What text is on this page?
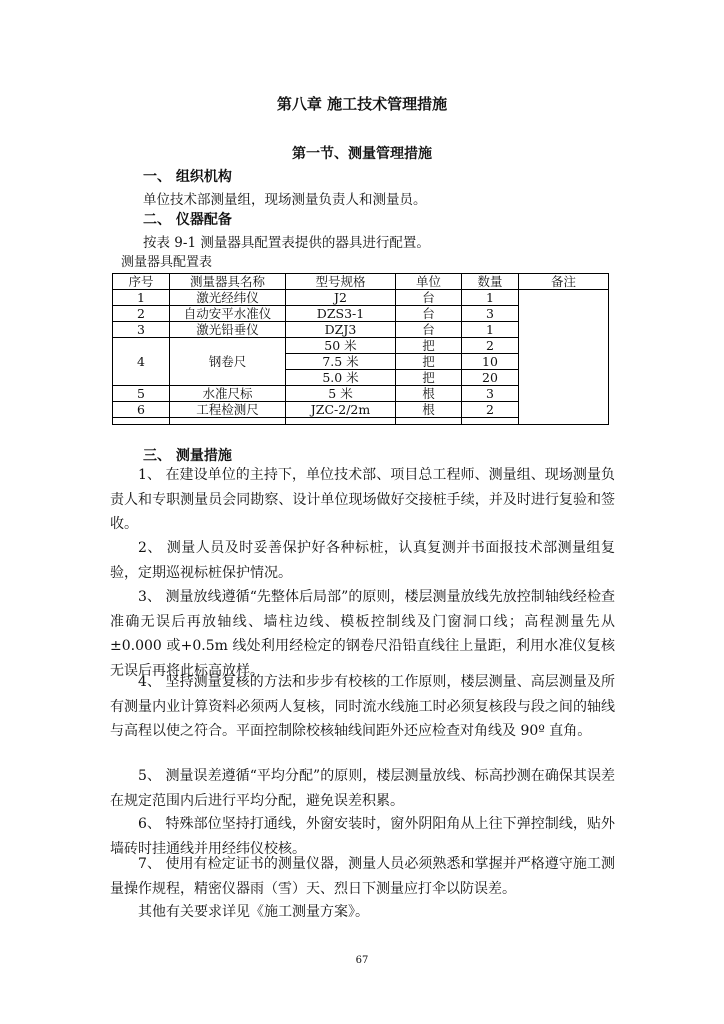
第八章 施工技术管理措施
第一节、测量管理措施
一、 组织机构
单位技术部测量组，现场测量负责人和测量员。
二、 仪器配备
按表 9-1 测量器具配置表提供的器具进行配置。
测量器具配置表
序号	测量器具名称	型号规格	单位	数量	备注
1	激光经纬仪	J2	台	1	
2	自动安平水准仪	DZS3-1	台	3	
3	激光铅垂仪	DZJ3	台	1	
4	钢卷尺	50 米	把	2	
		7.5 米	把	10	
		5.0 米	把	20	
5	水准尺标	5 米	根	3	
6	工程检测尺	JZC-2/2m	根	2	

三、 测量措施
1、 在建设单位的主持下，单位技术部、项目总工程师、测量组、现场测量负责人和专职测量员会同勘察、设计单位现场做好交接桩手续，并及时进行复验和签收。
2、 测量人员及时妥善保护好各种标桩，认真复测并书面报技术部测量组复验，定期巡视标桩保护情况。
3、 测量放线遵循“先整体后局部”的原则，楼层测量放线先放控制轴线经检查准确无误后再放轴线、墙柱边线、模板控制线及门窗洞口线；高程测量先从±0.000 或+0.5m 线处利用经检定的钢卷尺沿铅直线往上量距，利用水准仪复核无误后再将此标高放样。
4、 坚持测量复核的方法和步步有校核的工作原则，楼层测量、高层测量及所有测量内业计算资料必须两人复核，同时流水线施工时必须复核段与段之间的轴线与高程以使之符合。平面控制除校核轴线间距外还应检查对角线及 90º 直角。
5、 测量误差遵循“平均分配”的原则，楼层测量放线、标高抄测在确保其误差在规定范围内后进行平均分配，避免误差积累。
6、 特殊部位坚持打通线，外窗安装时，窗外阴阳角从上往下弹控制线，贴外墙砖时挂通线并用经纬仪校核。
7、 使用有检定证书的测量仪器，测量人员必须熟悉和掌握并严格遵守施工测量操作规程，精密仪器雨（雪）天、烈日下测量应打伞以防误差。
其他有关要求详见《施工测量方案》。
67
